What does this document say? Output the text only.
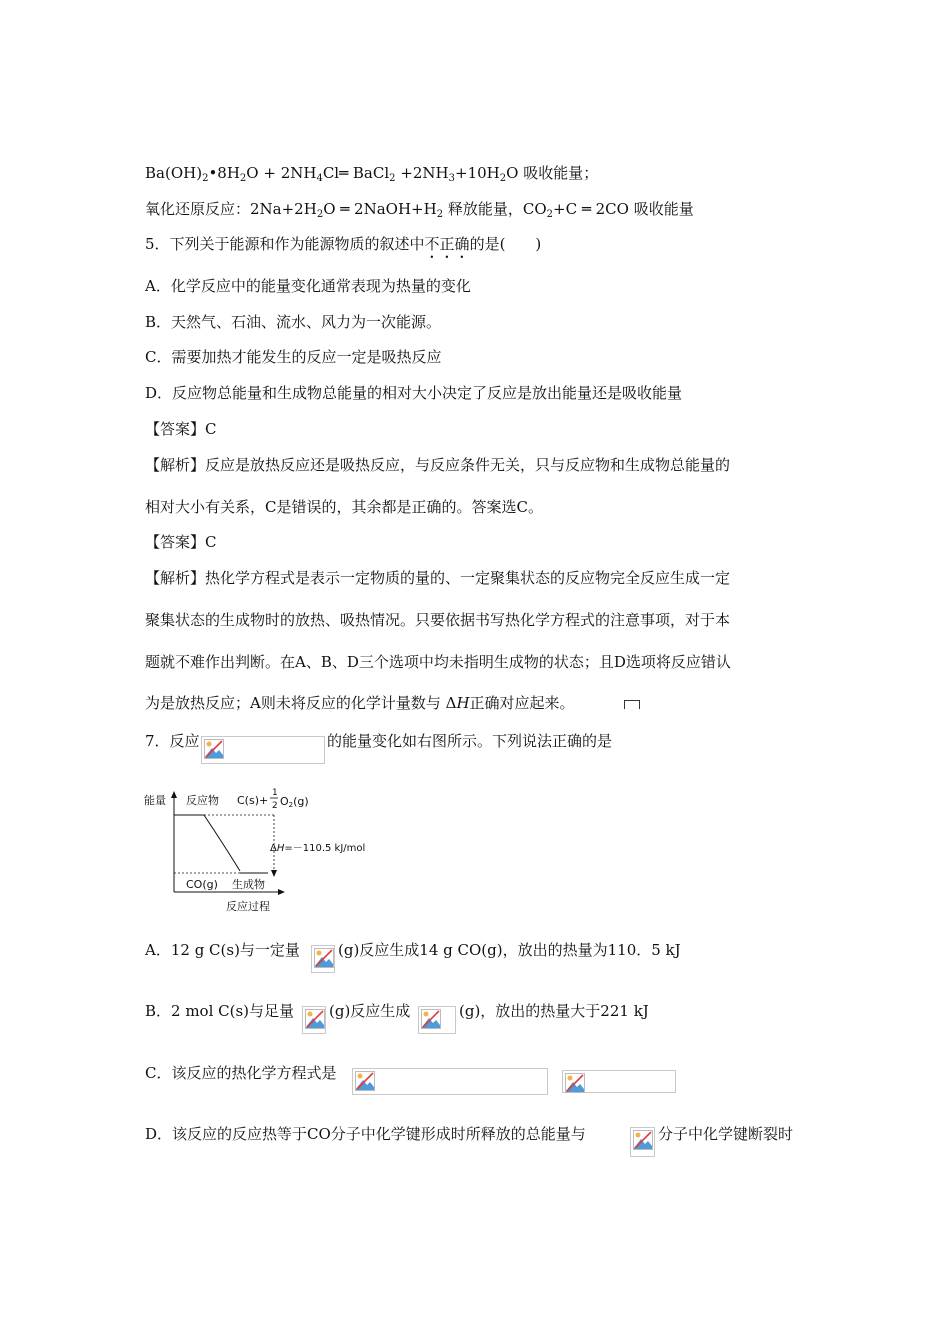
$Ba(OH)_2•8H_2O$ + $2NH_4Cl═$ BaCl$_2$ $+2NH_3+10H_2O$ 吸收能量；
氧化还原反应：$2Na+2H_2O$ ═ $2NaOH+H_2$ 释放能量，$CO_2+C$ ═ 2CO 吸收能量
5．下列关于能源和作为能源物质的叙述中不正确的是(　　)
A．化学反应中的能量变化通常表现为热量的变化
B．天然气、石油、流水、风力为一次能源。
C．需要加热才能发生的反应一定是吸热反应
D．反应物总能量和生成物总能量的相对大小决定了反应是放出能量还是吸收能量
【答案】C
【解析】反应是放热反应还是吸热反应，与反应条件无关，只与反应物和生成物总能量的
相对大小有关系，C是错误的，其余都是正确的。答案选C。
【答案】C
【解析】热化学方程式是表示一定物质的量的、一定聚集状态的反应物完全反应生成一定
聚集状态的生成物时的放热、吸热情况。只要依据书写热化学方程式的注意事项，对于本
题就不难作出判断。在A、B、D三个选项中均未指明生成物的状态；且D选项将反应错认
为是放热反应；A则未将反应的化学计量数与 ΔH正确对应起来。
7．反应	的能量变化如右图所示。下列说法正确的是
能量 反应物 C(s)+
1
2 O2(g)
ΔH=－110.5 kJ/mol
CO(g) 生成物
反应过程
A．12 g C(s)与一定量	(g)反应生成14 g CO(g)，放出的热量为110．5 kJ
B．2 mol C(s)与足量 (g)反应生成	(g)，放出的热量大于221 kJ
C．该反应的热化学方程式是
D．该反应的反应热等于CO分子中化学键形成时所释放的总能量与	分子中化学键断裂时
